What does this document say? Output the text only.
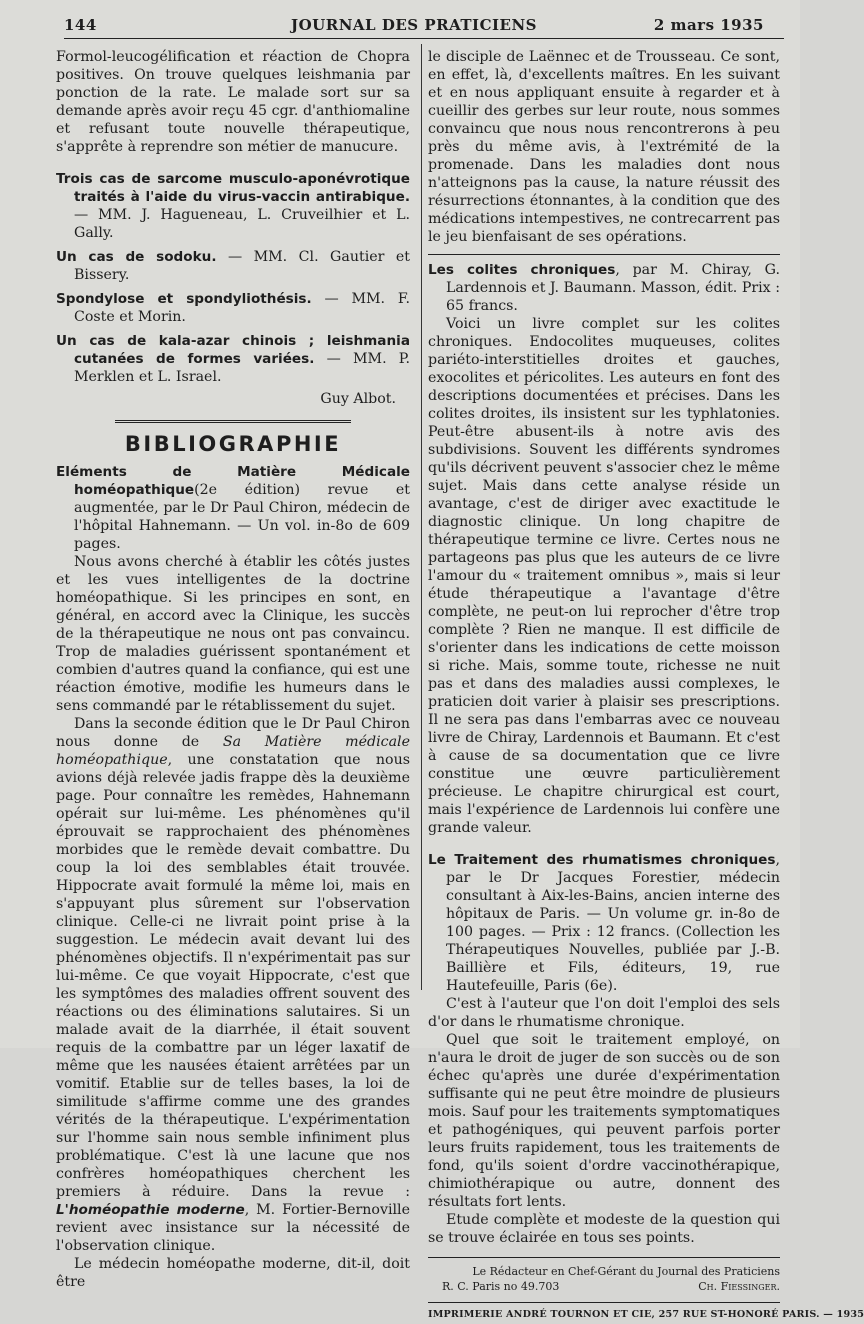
144	JOURNAL DES PRATICIENS	2 mars 1935

Formol-leucogélification et réaction de Chopra positives. On trouve quelques leishmania par ponction de la rate. Le malade sort sur sa demande après avoir reçu 45 cgr. d'anthiomaline et refusant toute nouvelle thérapeutique, s'apprête à reprendre son métier de manucure.

Trois cas de sarcome musculo-aponévrotique traités à l'aide du virus-vaccin antirabique. — MM. J. Hagueneau, L. Cruveilhier et L. Gally.

Un cas de sodoku. — MM. Cl. Gautier et Bissery.

Spondylose et spondyliothésis. — MM. F. Coste et Morin.

Un cas de kala-azar chinois ; leishmania cutanées de formes variées. — MM. P. Merklen et L. Israel.

Guy Albot.

BIBLIOGRAPHIE

Eléments de Matière Médicale homéopathique(2e édition) revue et augmentée, par le Dr Paul Chiron, médecin de l'hôpital Hahnemann. — Un vol. in-8o de 609 pages.

Nous avons cherché à établir les côtés justes et les vues intelligentes de la doctrine homéopathique. Si les principes en sont, en général, en accord avec la Clinique, les succès de la thérapeutique ne nous ont pas convaincu. Trop de maladies guérissent spontanément et combien d'autres quand la confiance, qui est une réaction émotive, modifie les humeurs dans le sens commandé par le rétablissement du sujet.

Dans la seconde édition que le Dr Paul Chiron nous donne de Sa Matière médicale homéopathique, une constatation que nous avions déjà relevée jadis frappe dès la deuxième page. Pour connaître les remèdes, Hahnemann opérait sur lui-même. Les phénomènes qu'il éprouvait se rapprochaient des phénomènes morbides que le remède devait combattre. Du coup la loi des semblables était trouvée. Hippocrate avait formulé la même loi, mais en s'appuyant plus sûrement sur l'observation clinique. Celle-ci ne livrait point prise à la suggestion. Le médecin avait devant lui des phénomènes objectifs. Il n'expérimentait pas sur lui-même. Ce que voyait Hippocrate, c'est que les symptômes des maladies offrent souvent des réactions ou des éliminations salutaires. Si un malade avait de la diarrhée, il était souvent requis de la combattre par un léger laxatif de même que les nausées étaient arrêtées par un vomitif. Etablie sur de telles bases, la loi de similitude s'affirme comme une des grandes vérités de la thérapeutique. L'expérimentation sur l'homme sain nous semble infiniment plus problématique. C'est là une lacune que nos confrères homéopathiques cherchent les premiers à réduire. Dans la revue : L'homéopathie moderne, M. Fortier-Bernoville revient avec insistance sur la nécessité de l'observation clinique.

Le médecin homéopathe moderne, dit-il, doit être

le disciple de Laënnec et de Trousseau. Ce sont, en effet, là, d'excellents maîtres. En les suivant et en nous appliquant ensuite à regarder et à cueillir des gerbes sur leur route, nous sommes convaincu que nous nous rencontrerons à peu près du même avis, à l'extrémité de la promenade. Dans les maladies dont nous n'atteignons pas la cause, la nature réussit des résurrections étonnantes, à la condition que des médications intempestives, ne contrecarrent pas le jeu bienfaisant de ses opérations.

Les colites chroniques, par M. Chiray, G. Lardennois et J. Baumann. Masson, édit. Prix : 65 francs.

Voici un livre complet sur les colites chroniques. Endocolites muqueuses, colites pariéto-interstitielles droites et gauches, exocolites et péricolites. Les auteurs en font des descriptions documentées et précises. Dans les colites droites, ils insistent sur les typhlatonies. Peut-être abusent-ils à notre avis des subdivisions. Souvent les différents syndromes qu'ils décrivent peuvent s'associer chez le même sujet. Mais dans cette analyse réside un avantage, c'est de diriger avec exactitude le diagnostic clinique. Un long chapitre de thérapeutique termine ce livre. Certes nous ne partageons pas plus que les auteurs de ce livre l'amour du « traitement omnibus », mais si leur étude thérapeutique a l'avantage d'être complète, ne peut-on lui reprocher d'être trop complète ? Rien ne manque. Il est difficile de s'orienter dans les indications de cette moisson si riche. Mais, somme toute, richesse ne nuit pas et dans des maladies aussi complexes, le praticien doit varier à plaisir ses prescriptions. Il ne sera pas dans l'embarras avec ce nouveau livre de Chiray, Lardennois et Baumann. Et c'est à cause de sa documentation que ce livre constitue une œuvre particulièrement précieuse. Le chapitre chirurgical est court, mais l'expérience de Lardennois lui confère une grande valeur.

Le Traitement des rhumatismes chroniques, par le Dr Jacques Forestier, médecin consultant à Aix-les-Bains, ancien interne des hôpitaux de Paris. — Un volume gr. in-8o de 100 pages. — Prix : 12 francs. (Collection les Thérapeutiques Nouvelles, publiée par J.-B. Baillière et Fils, éditeurs, 19, rue Hautefeuille, Paris (6e).

C'est à l'auteur que l'on doit l'emploi des sels d'or dans le rhumatisme chronique.

Quel que soit le traitement employé, on n'aura le droit de juger de son succès ou de son échec qu'après une durée d'expérimentation suffisante qui ne peut être moindre de plusieurs mois. Sauf pour les traitements symptomatiques et pathogéniques, qui peuvent parfois porter leurs fruits rapidement, tous les traitements de fond, qu'ils soient d'ordre vaccinothérapique, chimiothérapique ou autre, donnent des résultats fort lents.

Etude complète et modeste de la question qui se trouve éclairée en tous ses points.

Le Rédacteur en Chef-Gérant du Journal des Praticiens
R. C. Paris no 49.703	Ch. Fiessinger.
IMPRIMERIE ANDRÉ TOURNON ET CIE, 257 RUE ST-HONORÉ PARIS. — 1935
